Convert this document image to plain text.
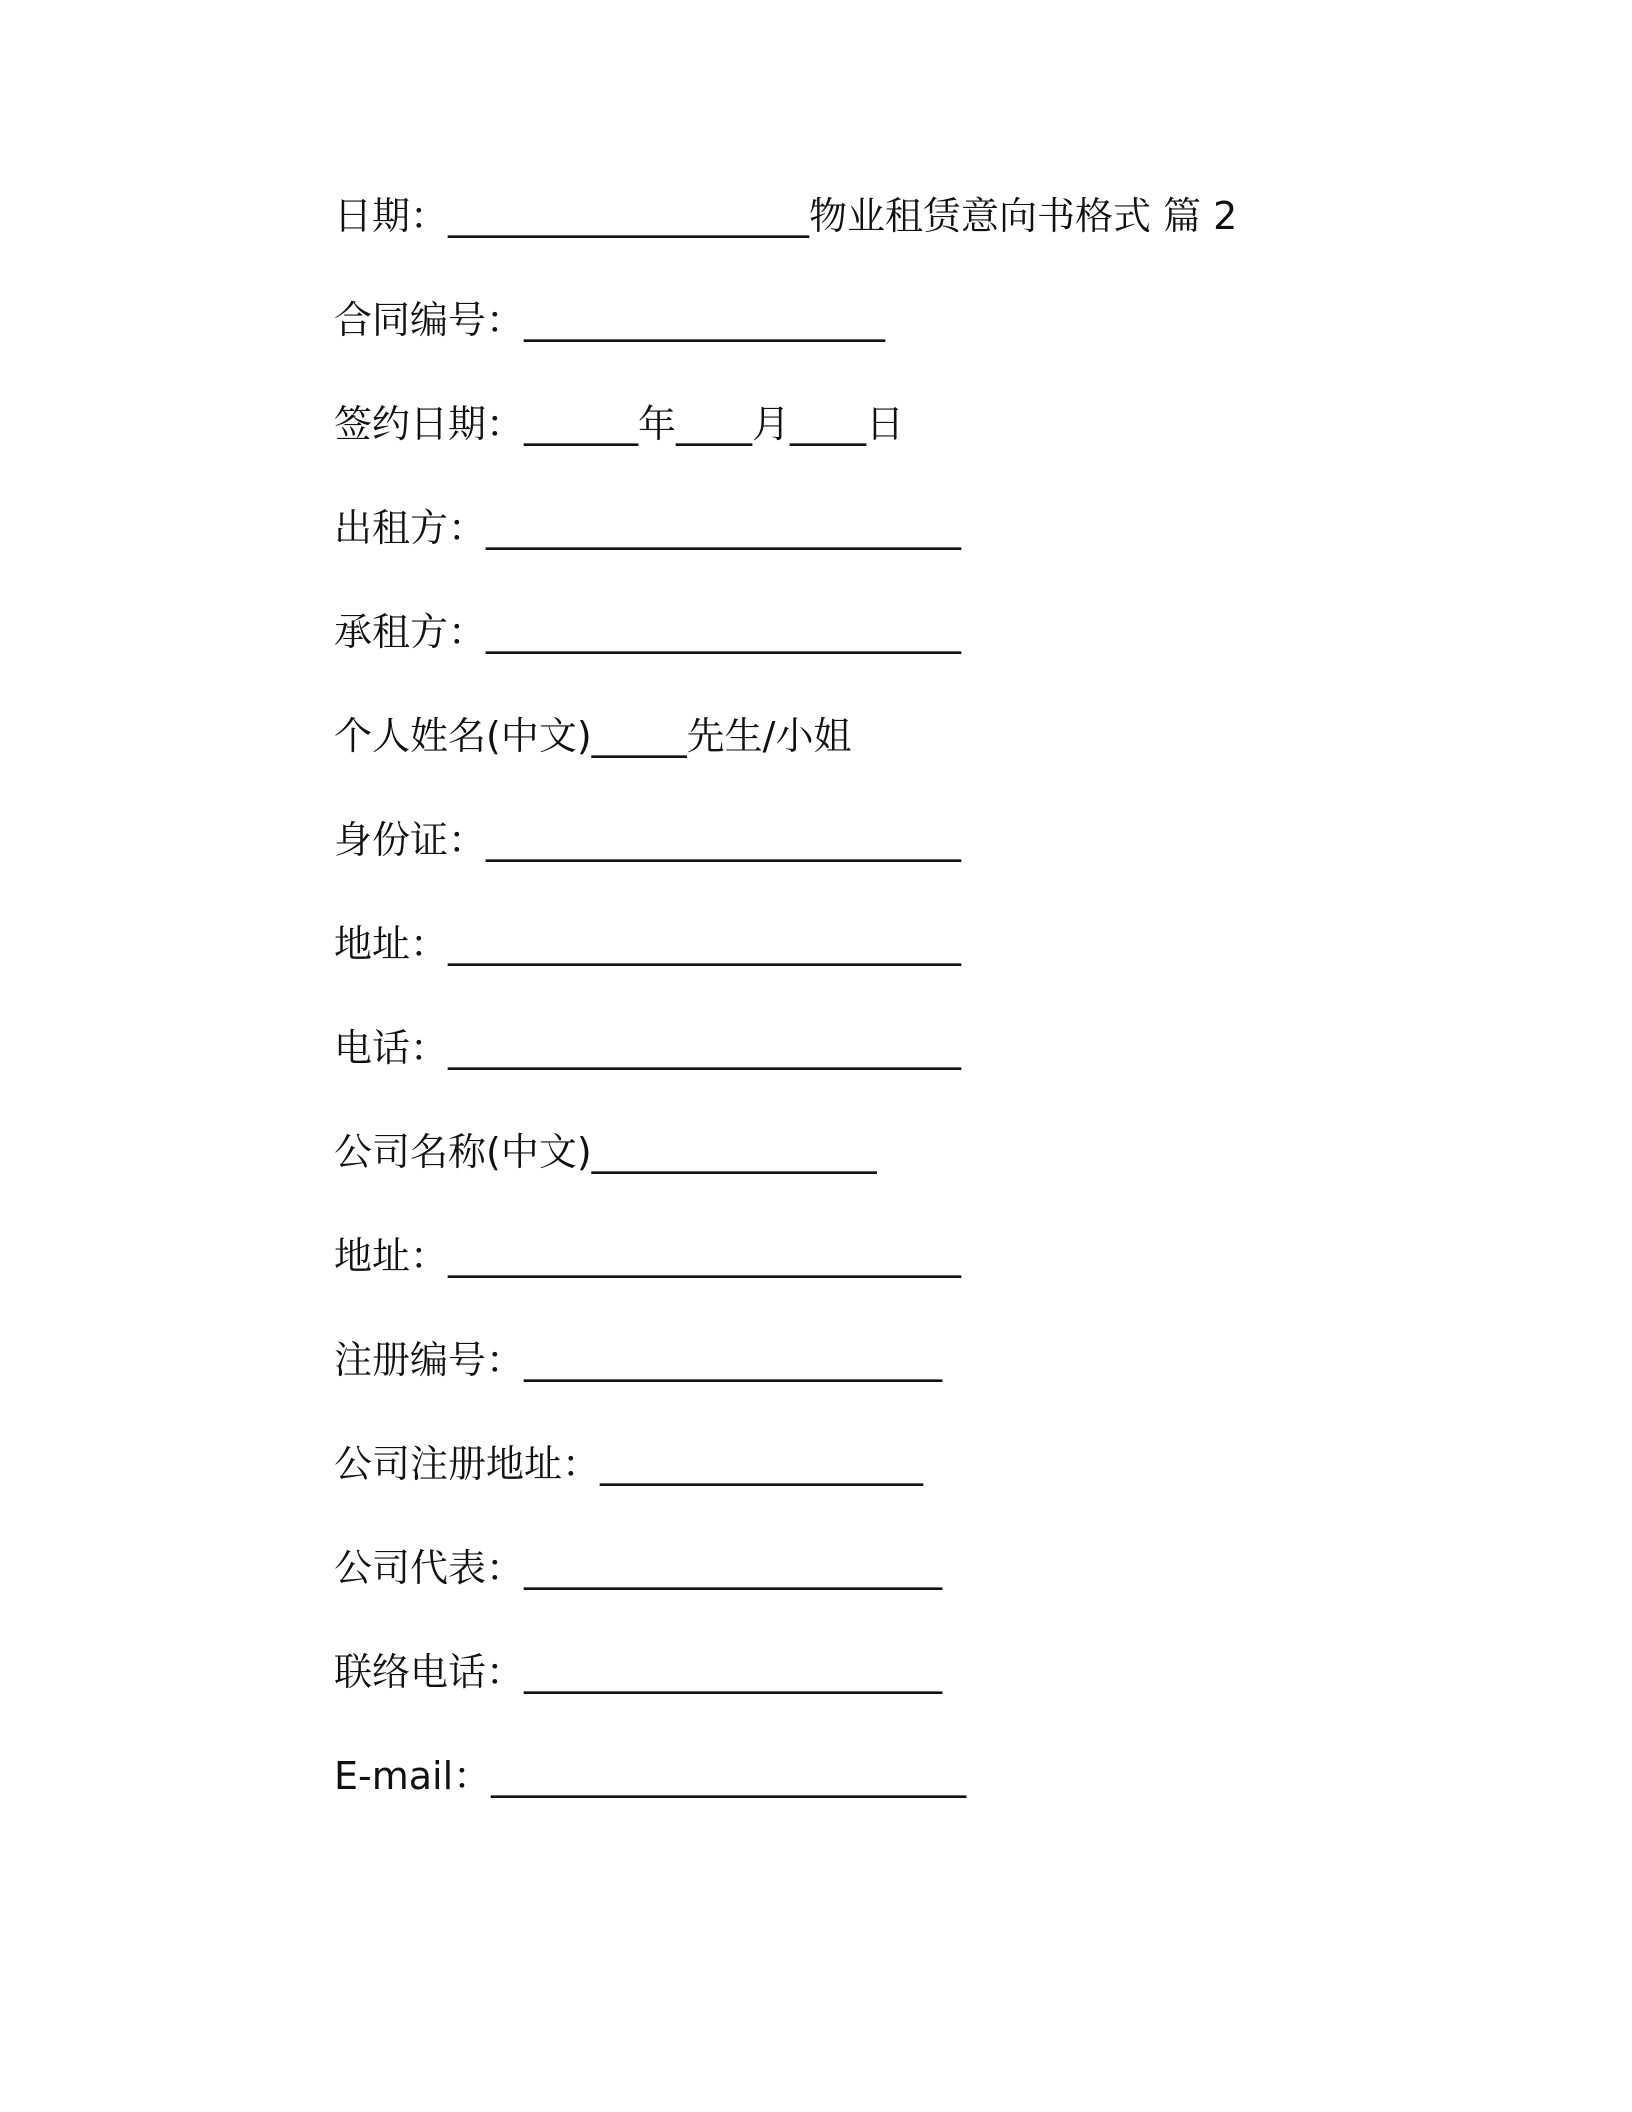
日期：___________________物业租赁意向书格式 篇 2
合同编号：___________________
签约日期：______年____月____日
出租方：_________________________
承租方：_________________________
个人姓名(中文)_____先生/小姐
身份证：_________________________
地址：___________________________
电话：___________________________
公司名称(中文)_______________
地址：___________________________
注册编号：______________________
公司注册地址：_________________
公司代表：______________________
联络电话：______________________
E-mail：_________________________
